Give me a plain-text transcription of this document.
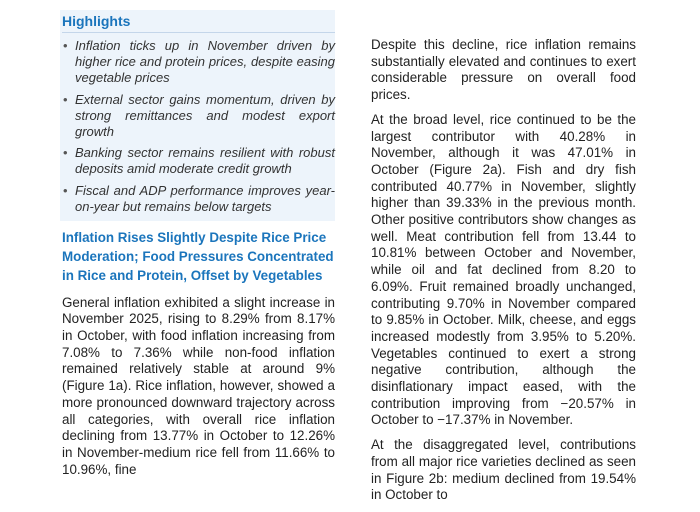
Highlights
• Inflation ticks up in November driven by higher rice and protein prices, despite easing vegetable prices
• External sector gains momentum, driven by strong remittances and modest export growth
• Banking sector remains resilient with robust deposits amid moderate credit growth
• Fiscal and ADP performance improves year-on-year but remains below targets
Inflation Rises Slightly Despite Rice Price Moderation; Food Pressures Concentrated in Rice and Protein, Offset by Vegetables

General inflation exhibited a slight increase in November 2025, rising to 8.29% from 8.17% in October, with food inflation increasing from 7.08% to 7.36% while non-food inflation remained relatively stable at around 9% (Figure 1a). Rice inflation, however, showed a more pronounced downward trajectory across all categories, with overall rice inflation declining from 13.77% in October to 12.26% in November-medium rice fell from 11.66% to 10.96%, fine

Despite this decline, rice inflation remains substantially elevated and continues to exert considerable pressure on overall food prices.

At the broad level, rice continued to be the largest contributor with 40.28% in November, although it was 47.01% in October (Figure 2a). Fish and dry fish contributed 40.77% in November, slightly higher than 39.33% in the previous month. Other positive contributors show changes as well. Meat contribution fell from 13.44 to 10.81% between October and November, while oil and fat declined from 8.20 to 6.09%. Fruit remained broadly unchanged, contributing 9.70% in November compared to 9.85% in October. Milk, cheese, and eggs increased modestly from 3.95% to 5.20%. Vegetables continued to exert a strong negative contribution, although the disinflationary impact eased, with the contribution improving from −20.57% in October to −17.37% in November.

At the disaggregated level, contributions from all major rice varieties declined as seen in Figure 2b: medium declined from 19.54% in October to
